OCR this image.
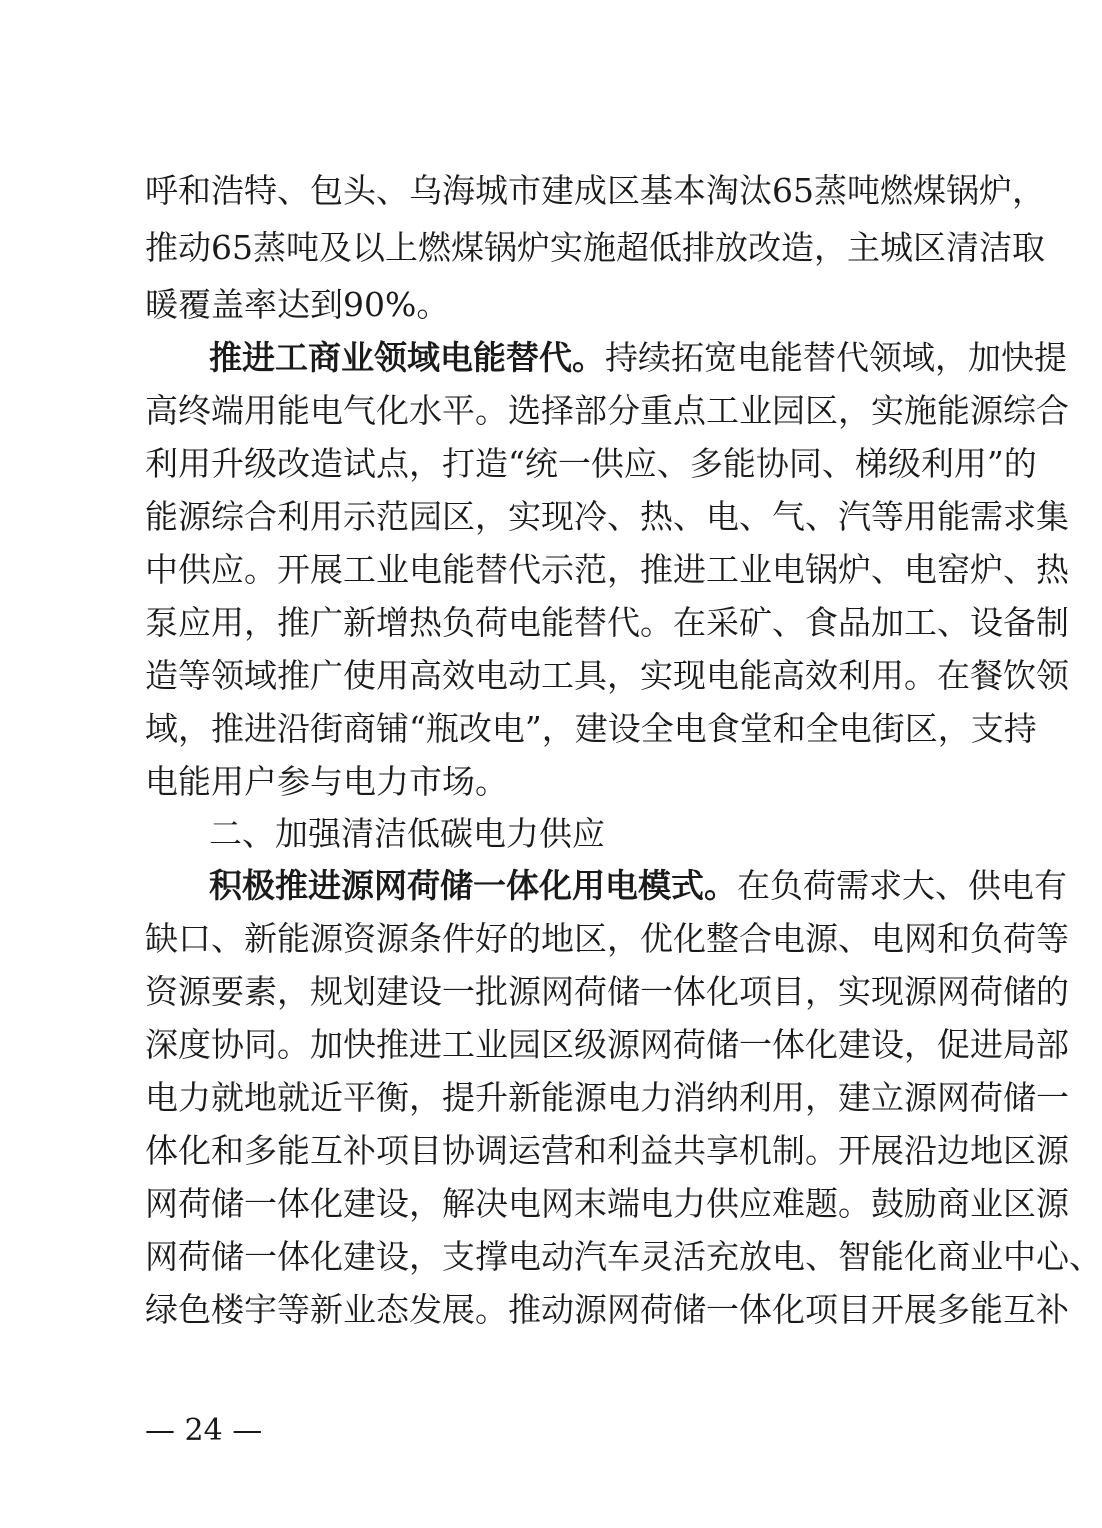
呼和浩特、包头、乌海城市建成区基本淘汰65蒸吨燃煤锅炉，
推动65蒸吨及以上燃煤锅炉实施超低排放改造，主城区清洁取
暖覆盖率达到90%。
推进工商业领域电能替代。持续拓宽电能替代领域，加快提
高终端用能电气化水平。选择部分重点工业园区，实施能源综合
利用升级改造试点，打造“统一供应、多能协同、梯级利用”的
能源综合利用示范园区，实现冷、热、电、气、汽等用能需求集
中供应。开展工业电能替代示范，推进工业电锅炉、电窑炉、热
泵应用，推广新增热负荷电能替代。在采矿、食品加工、设备制
造等领域推广使用高效电动工具，实现电能高效利用。在餐饮领
域，推进沿街商铺“瓶改电”，建设全电食堂和全电街区，支持
电能用户参与电力市场。
二、加强清洁低碳电力供应
积极推进源网荷储一体化用电模式。在负荷需求大、供电有
缺口、新能源资源条件好的地区，优化整合电源、电网和负荷等
资源要素，规划建设一批源网荷储一体化项目，实现源网荷储的
深度协同。加快推进工业园区级源网荷储一体化建设，促进局部
电力就地就近平衡，提升新能源电力消纳利用，建立源网荷储一
体化和多能互补项目协调运营和利益共享机制。开展沿边地区源
网荷储一体化建设，解决电网末端电力供应难题。鼓励商业区源
网荷储一体化建设，支撑电动汽车灵活充放电、智能化商业中心、
绿色楼宇等新业态发展。推动源网荷储一体化项目开展多能互补
— 24 —
